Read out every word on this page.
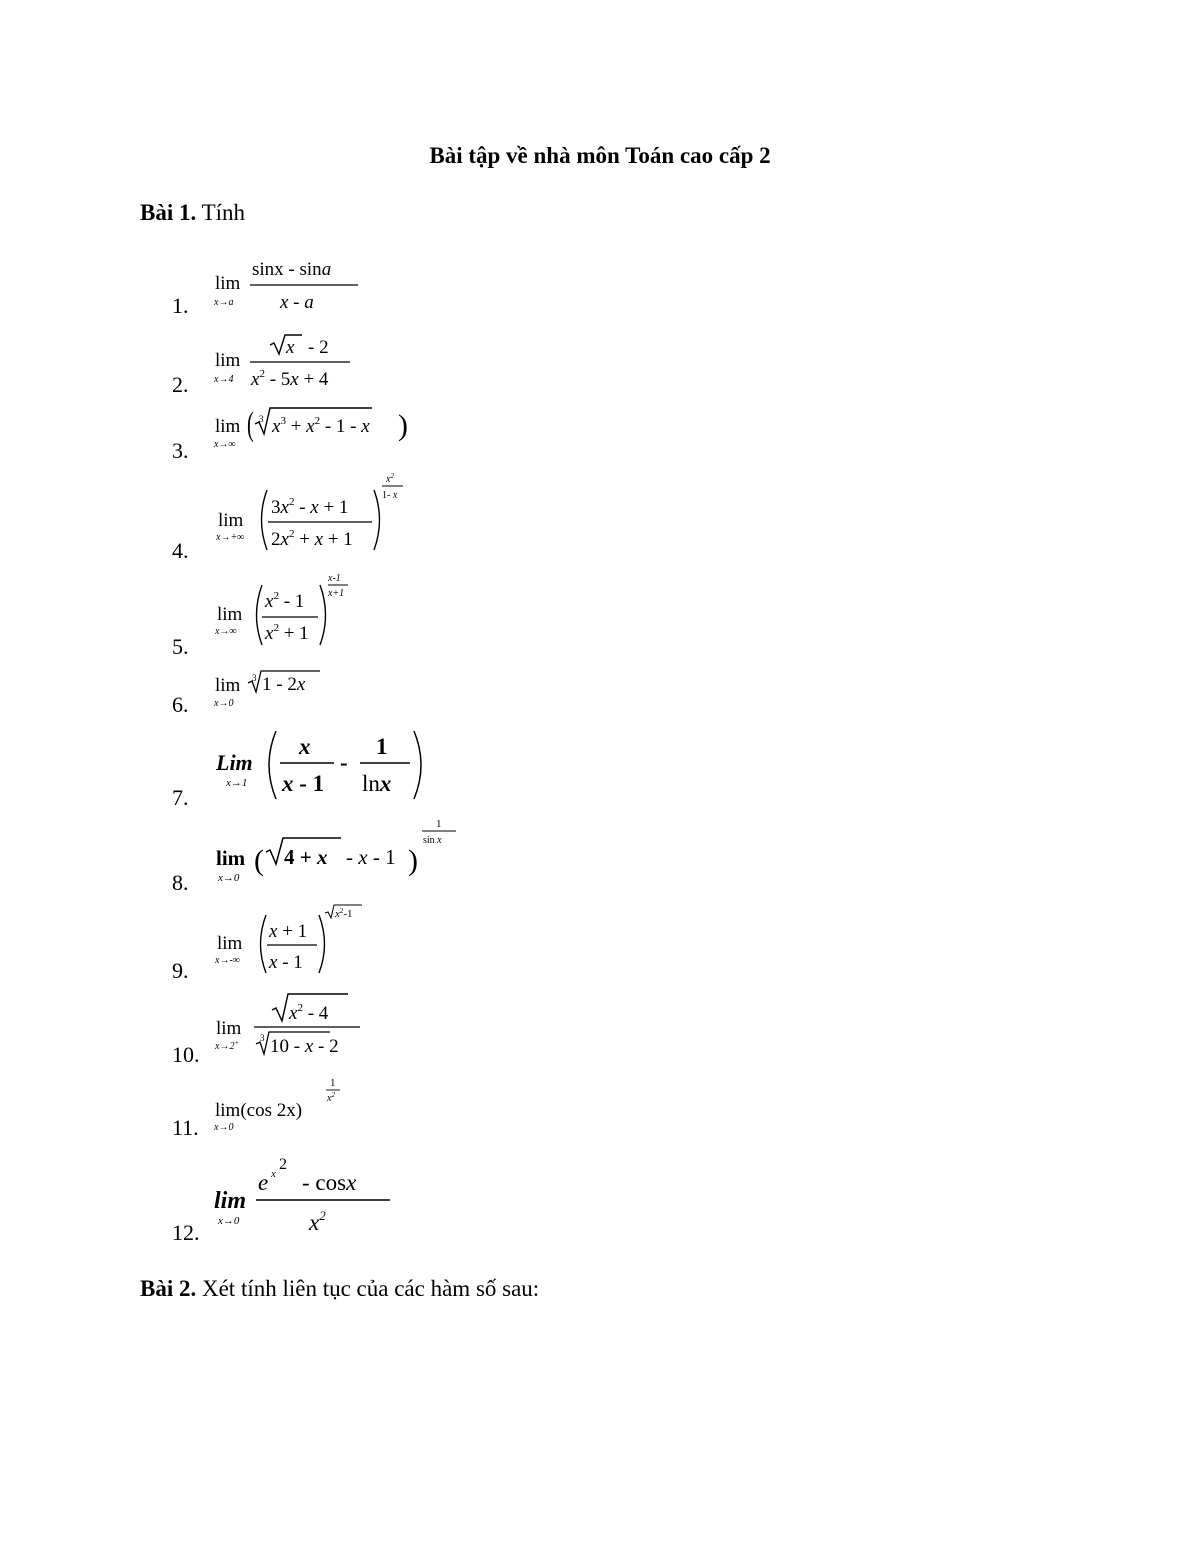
Bài tập về nhà môn Toán cao cấp 2
Bài 1. Tính
1.
lim
x→a
sinx - sina
x - a
2.
lim
x→4
x - 2
$x^2 - 5x + 4$
3.
lim
x→∞
( 3 $x^3 + x^2 - 1 - x$ )
4.
lim
x→+∞
$3x^2 - x + 1$
$2x^2 + x + 1$
$x^2$
1- x
5.
lim
x→∞
$x^2 - 1$
$x^2 + 1$
x-1
x+1
6.
lim
x→0
3 1 - 2x
7.
Lim
x→1
x
x - 1
-
1
lnx
8.
lim
x→0
( 4 + x - x - 1 )
1
sin x
9.
lim
x→-∞
x + 1
x - 1
$x^2-1$
10.
lim
x→2+
$x^2 - 4$
3 10 - x - 2
11.
lim(cos 2x)
x→0
1
$x^2$
12.
lim
x→0
e x
2
- cosx
$x^2$
Bài 2. Xét tính liên tục của các hàm số sau:
